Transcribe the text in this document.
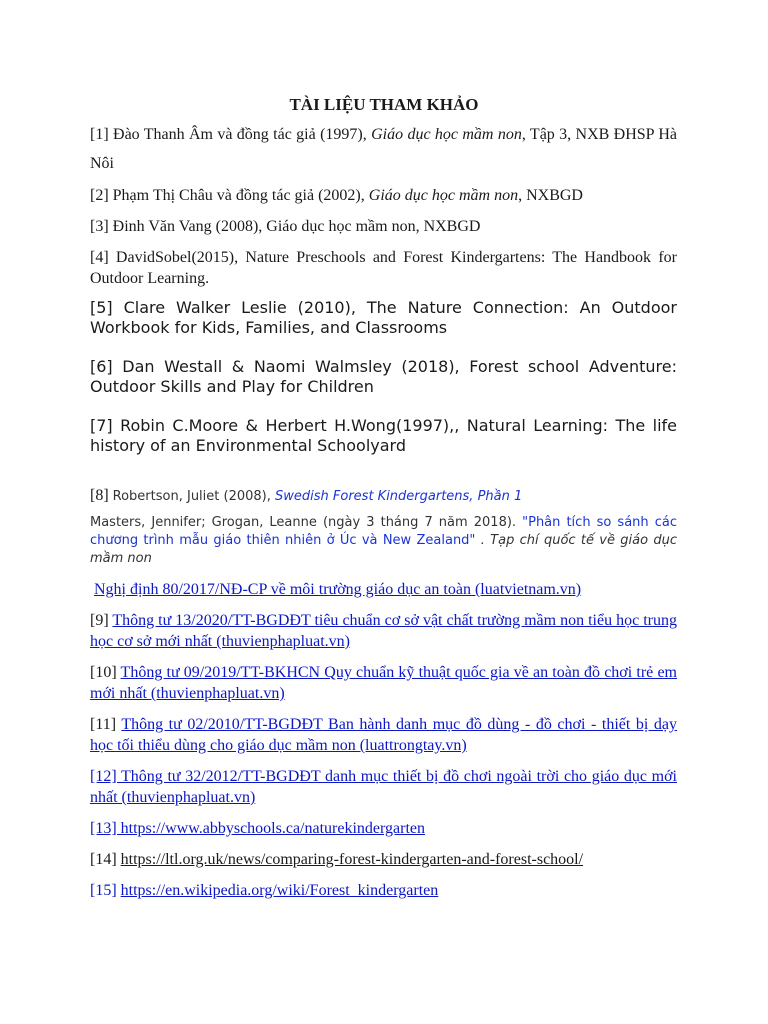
TÀI LIỆU THAM KHẢO
[1] Đào Thanh Âm và đồng tác giả (1997), Giáo dục học mầm non, Tập 3, NXB ĐHSP Hà Nôi
[2] Phạm Thị Châu và đồng tác giả (2002), Giáo dục học mầm non, NXBGD
[3] Đinh Văn Vang (2008), Giáo dục học mầm non, NXBGD
[4] DavidSobel(2015), Nature Preschools and Forest Kindergartens: The Handbook for Outdoor Learning.
[5] Clare Walker Leslie (2010), The Nature Connection: An Outdoor Workbook for Kids, Families, and Classrooms
[6] Dan Westall & Naomi Walmsley (2018), Forest school Adventure: Outdoor Skills and Play for Children
[7] Robin C.Moore & Herbert H.Wong(1997),, Natural Learning: The life history of an Environmental Schoolyard
[8] Robertson, Juliet (2008), Swedish Forest Kindergartens, Phần 1
Masters, Jennifer; Grogan, Leanne (ngày 3 tháng 7 năm 2018). "Phân tích so sánh các chương trình mẫu giáo thiên nhiên ở Úc và New Zealand" . Tạp chí quốc tế về giáo dục mầm non
Nghị định 80/2017/NĐ-CP về môi trường giáo dục an toàn (luatvietnam.vn)
[9] Thông tư 13/2020/TT-BGDĐT tiêu chuẩn cơ sở vật chất trường mầm non tiểu học trung học cơ sở mới nhất (thuvienphapluat.vn)
[10] Thông tư 09/2019/TT-BKHCN Quy chuẩn kỹ thuật quốc gia về an toàn đồ chơi trẻ em mới nhất (thuvienphapluat.vn)
[11] Thông tư 02/2010/TT-BGDĐT Ban hành danh mục đồ dùng - đồ chơi - thiết bị dạy học tối thiểu dùng cho giáo dục mầm non (luattrongtay.vn)
[12] Thông tư 32/2012/TT-BGDĐT danh mục thiết bị đồ chơi ngoài trời cho giáo dục mới nhất (thuvienphapluat.vn)
[13] https://www.abbyschools.ca/naturekindergarten
[14] https://ltl.org.uk/news/comparing-forest-kindergarten-and-forest-school/
[15] https://en.wikipedia.org/wiki/Forest_kindergarten
